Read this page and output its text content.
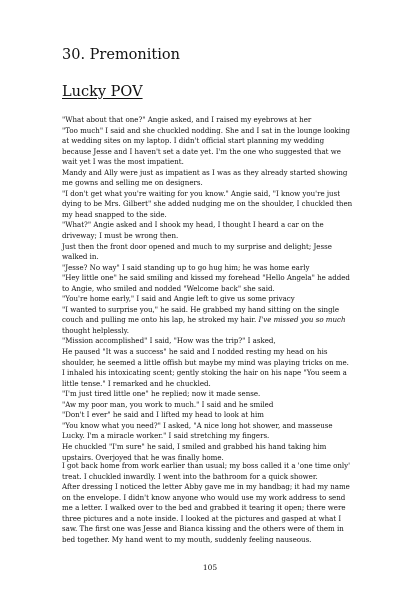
30. Premonition
Lucky POV
"What about that one?" Angie asked, and I raised my eyebrows at her
"Too much" I said and she chuckled nodding. She and I sat in the lounge looking
at wedding sites on my laptop. I didn't official start planning my wedding
because Jesse and I haven't set a date yet. I'm the one who suggested that we
wait yet I was the most impatient.
Mandy and Ally were just as impatient as I was as they already started showing
me gowns and selling me on designers.
"I don't get what you're waiting for you know." Angie said, "I know you're just
dying to be Mrs. Gilbert" she added nudging me on the shoulder, I chuckled then
my head snapped to the side.
"What?" Angie asked and I shook my head, I thought I heard a car on the
driveway; I must be wrong then.
Just then the front door opened and much to my surprise and delight; Jesse
walked in.
"Jesse? No way" I said standing up to go hug him; he was home early
"Hey little one" he said smiling and kissed my forehead "Hello Angela" he added
to Angie, who smiled and nodded "Welcome back" she said.
"You're home early," I said and Angie left to give us some privacy
"I wanted to surprise you," he said. He grabbed my hand sitting on the single
couch and pulling me onto his lap, he stroked my hair. I've missed you so much
thought helplessly.
"Mission accomplished" I said, "How was the trip?" I asked,
He paused "It was a success" he said and I nodded resting my head on his
shoulder, he seemed a little offish but maybe my mind was playing tricks on me.
I inhaled his intoxicating scent; gently stoking the hair on his nape "You seem a
little tense." I remarked and he chuckled.
"I'm just tired little one" he replied; now it made sense.
"Aw my poor man, you work to much." I said and he smiled
"Don't I ever" he said and I lifted my head to look at him
"You know what you need?" I asked, "A nice long hot shower, and masseuse
Lucky. I'm a miracle worker." I said stretching my fingers.
He chuckled "I'm sure" he said, I smiled and grabbed his hand taking him
upstairs. Overjoyed that he was finally home.
I got back home from work earlier than usual; my boss called it a 'one time only'
treat. I chuckled inwardly. I went into the bathroom for a quick shower.
After dressing I noticed the letter Abby gave me in my handbag; it had my name
on the envelope. I didn't know anyone who would use my work address to send
me a letter. I walked over to the bed and grabbed it tearing it open; there were
three pictures and a note inside. I looked at the pictures and gasped at what I
saw. The first one was Jesse and Bianca kissing and the others were of them in
bed together. My hand went to my mouth, suddenly feeling nauseous.
105
